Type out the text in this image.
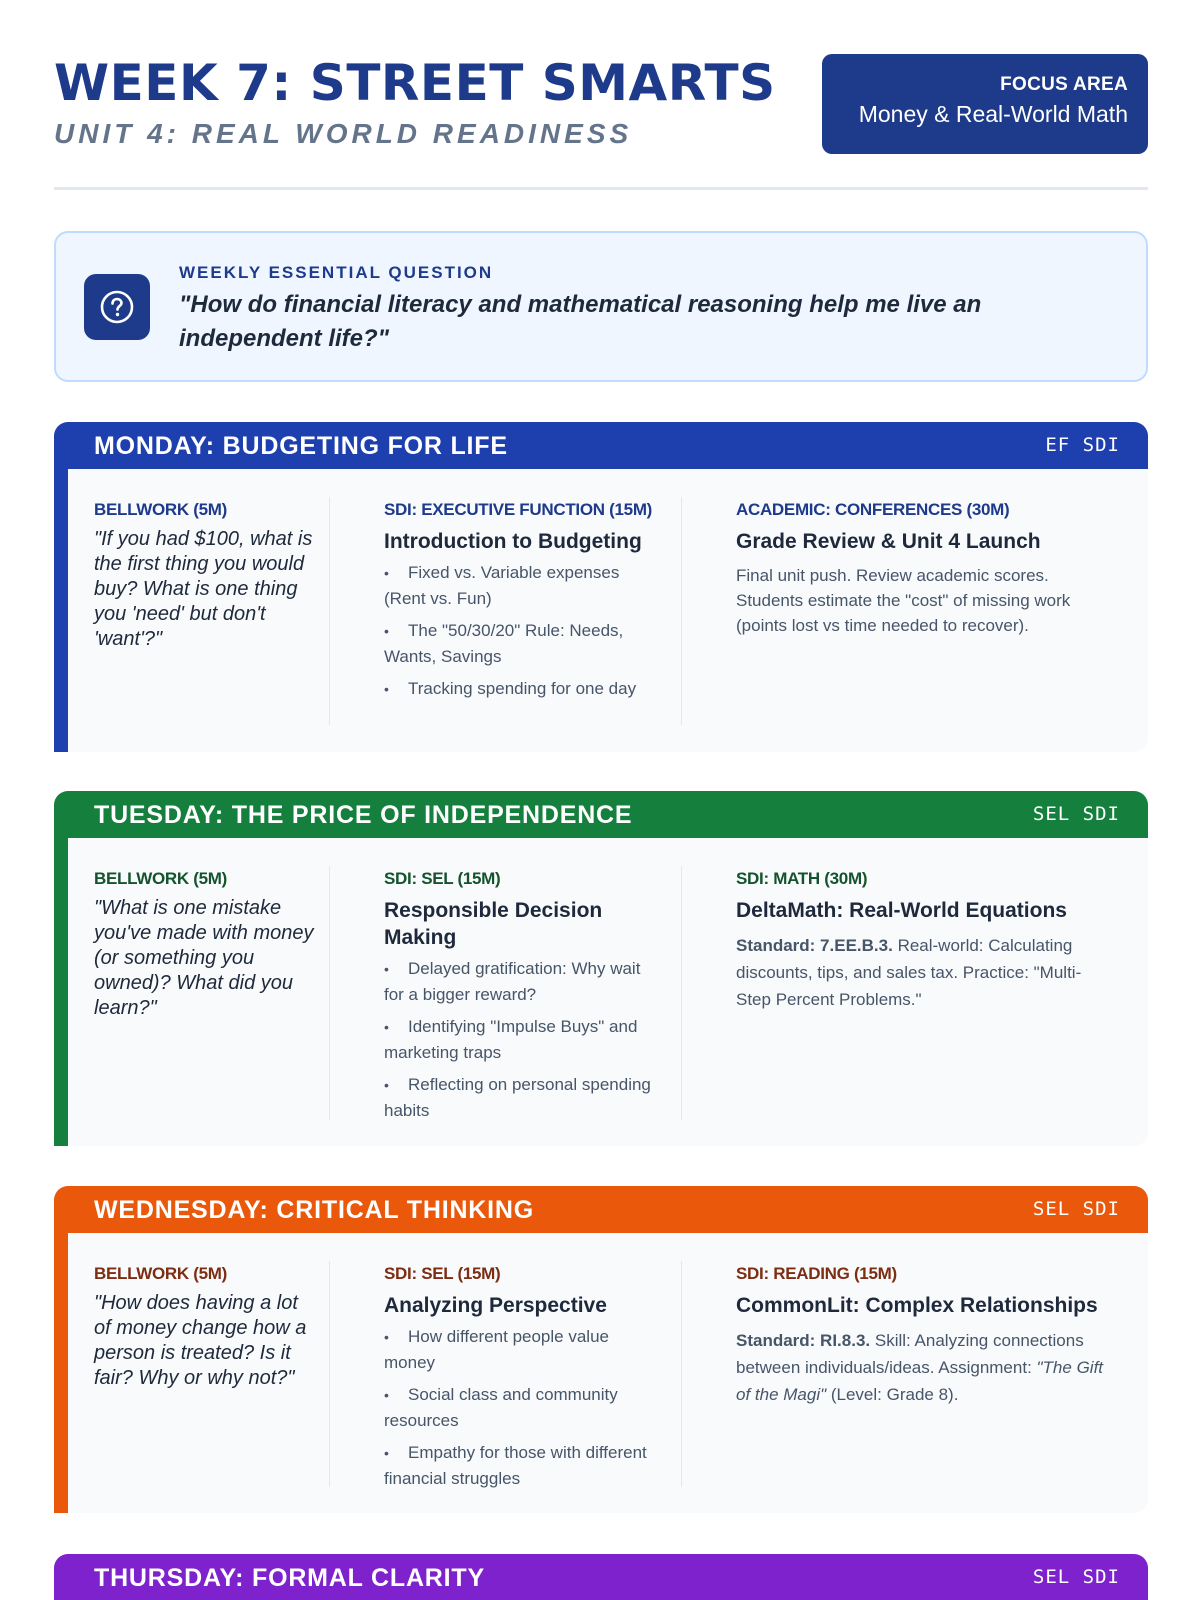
WEEK 7: STREET SMARTS
UNIT 4: REAL WORLD READINESS
FOCUS AREA
Money & Real-World Math
WEEKLY ESSENTIAL QUESTION
"How do financial literacy and mathematical reasoning help me live an independent life?"
MONDAY: BUDGETING FOR LIFE	EF SDI
BELLWORK (5M)
"If you had $100, what is the first thing you would buy? What is one thing you 'need' but don't 'want'?"
SDI: EXECUTIVE FUNCTION (15M)
Introduction to Budgeting
• Fixed vs. Variable expenses (Rent vs. Fun)
• The "50/30/20" Rule: Needs, Wants, Savings
• Tracking spending for one day
ACADEMIC: CONFERENCES (30M)
Grade Review & Unit 4 Launch
Final unit push. Review academic scores. Students estimate the "cost" of missing work (points lost vs time needed to recover).
TUESDAY: THE PRICE OF INDEPENDENCE	SEL SDI
BELLWORK (5M)
"What is one mistake you've made with money (or something you owned)? What did you learn?"
SDI: SEL (15M)
Responsible Decision Making
• Delayed gratification: Why wait for a bigger reward?
• Identifying "Impulse Buys" and marketing traps
• Reflecting on personal spending habits
SDI: MATH (30M)
DeltaMath: Real-World Equations
Standard: 7.EE.B.3. Real-world: Calculating discounts, tips, and sales tax. Practice: "Multi-Step Percent Problems."
WEDNESDAY: CRITICAL THINKING	SEL SDI
BELLWORK (5M)
"How does having a lot of money change how a person is treated? Is it fair? Why or why not?"
SDI: SEL (15M)
Analyzing Perspective
• How different people value money
• Social class and community resources
• Empathy for those with different financial struggles
SDI: READING (15M)
CommonLit: Complex Relationships
Standard: RI.8.3. Skill: Analyzing connections between individuals/ideas. Assignment: "The Gift of the Magi" (Level: Grade 8).
THURSDAY: FORMAL CLARITY	SEL SDI
